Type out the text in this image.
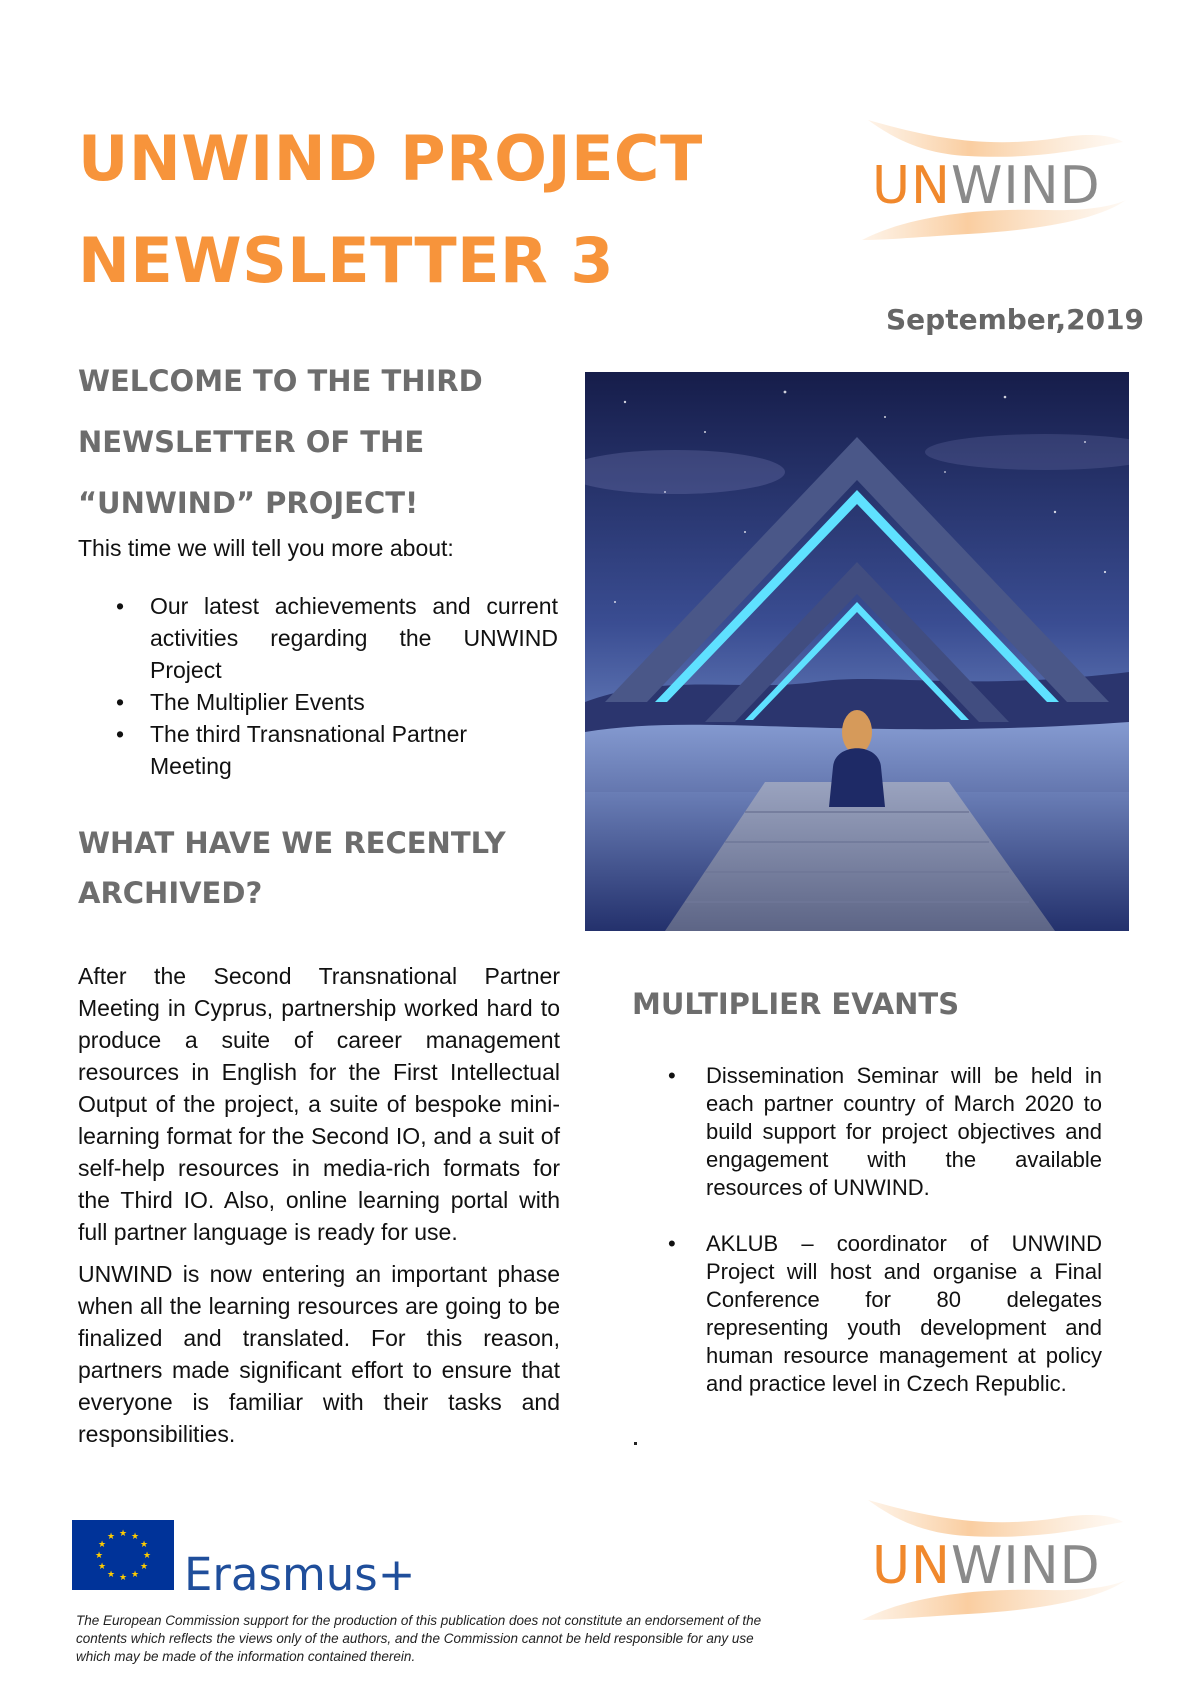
UNWIND PROJECT
NEWSLETTER 3
UNWIND
September,2019

WELCOME TO THE THIRD

NEWSLETTER OF THE

“UNWIND” PROJECT!

This time we will tell you more about:
• Our latest achievements and current activities regarding the UNWIND Project
• The Multiplier Events
• The third Transnational Partner Meeting

WHAT HAVE WE RECENTLY

ARCHIVED?

After the Second Transnational Partner Meeting in Cyprus, partnership worked hard to produce a suite of career management resources in English for the First Intellectual Output of the project, a suite of bespoke mini-learning format for the Second IO, and a suit of self-help resources in media-rich formats for the Third IO. Also, online learning portal with full partner language is ready for use.

UNWIND is now entering an important phase when all the learning resources are going to be finalized and translated. For this reason, partners made significant effort to ensure that everyone is familiar with their tasks and responsibilities.

MULTIPLIER EVANTS

• Dissemination Seminar will be held in each partner country of March 2020 to build support for project objectives and engagement with the available resources of UNWIND.
• AKLUB – coordinator of UNWIND Project will host and organise a Final Conference for 80 delegates representing youth development and human resource management at policy and practice level in Czech Republic.
★ ★
★
★
★
★
★
★
★
★
★
★
Erasmus+	UNWIND
The European Commission support for the production of this publication does not constitute an endorsement of the contents which reflects the views only of the authors, and the Commission cannot be held responsible for any use which may be made of the information contained therein.
